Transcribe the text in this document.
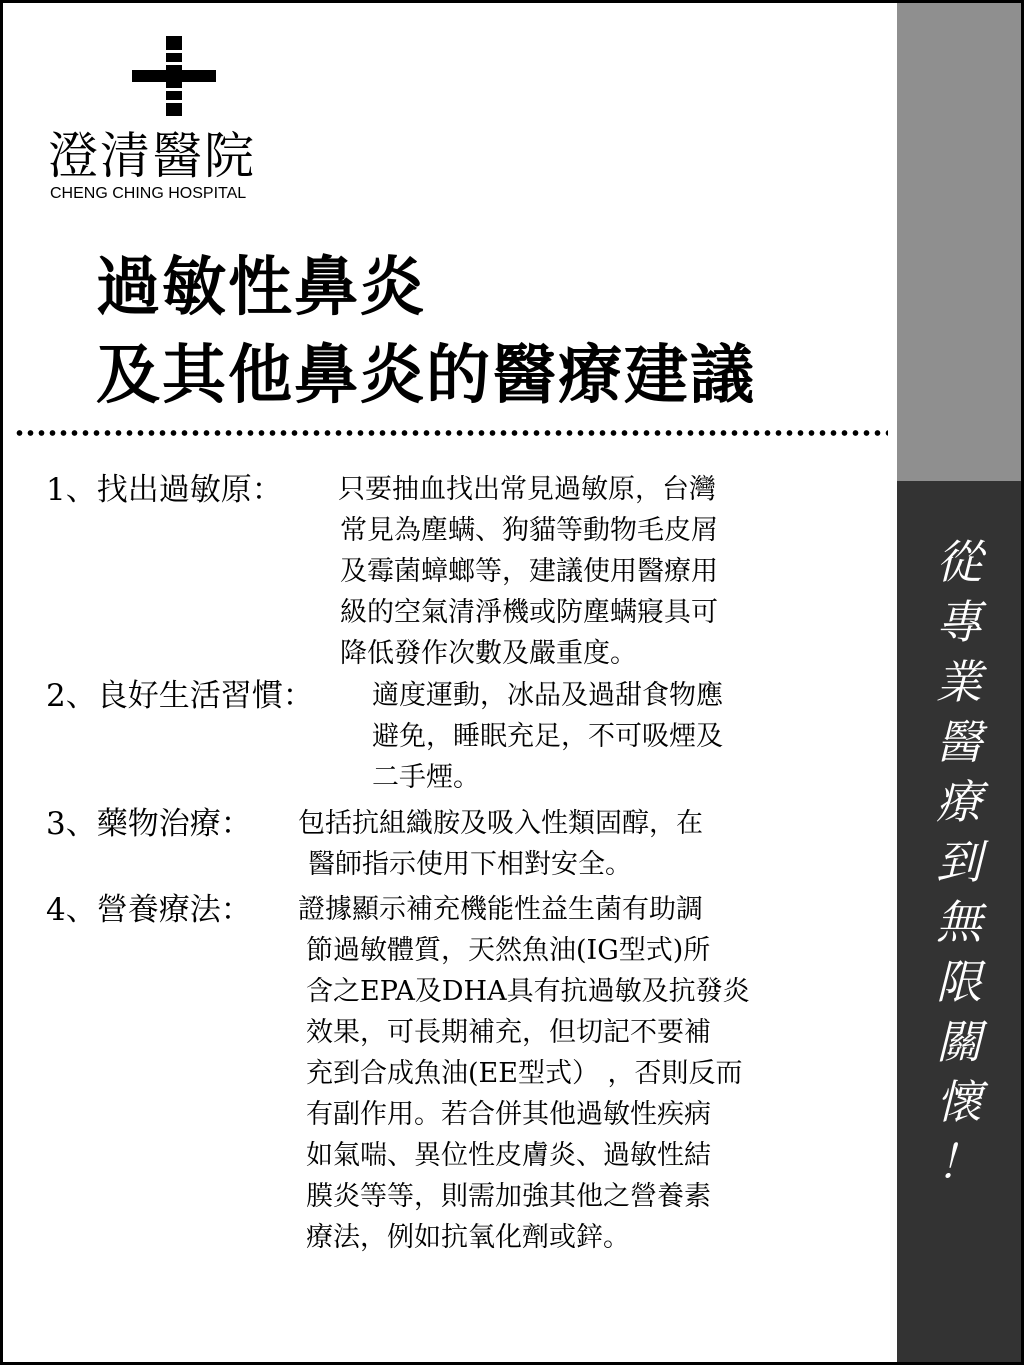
從
專
業
醫
療
到
無
限
關
懷
！
澄清醫院
CHENG CHING HOSPITAL
過敏性鼻炎
及其他鼻炎的醫療建議
1、找出過敏原： 只要抽血找出常見過敏原，台灣
常見為塵螨、狗貓等動物毛皮屑
及霉菌蟑螂等，建議使用醫療用
級的空氣清淨機或防塵螨寢具可
降低發作次數及嚴重度。
2、良好生活習慣： 適度運動，冰品及過甜食物應
避免，睡眠充足，不可吸煙及
二手煙。
3、藥物治療： 包括抗組織胺及吸入性類固醇，在
醫師指示使用下相對安全。
4、營養療法： 證據顯示補充機能性益生菌有助調
節過敏體質，天然魚油(IG型式)所
含之EPA及DHA具有抗過敏及抗發炎
效果，可長期補充，但切記不要補
充到合成魚油(EE型式） ，否則反而
有副作用。若合併其他過敏性疾病
如氣喘、異位性皮膚炎、過敏性結
膜炎等等，則需加強其他之營養素
療法，例如抗氧化劑或鋅。
